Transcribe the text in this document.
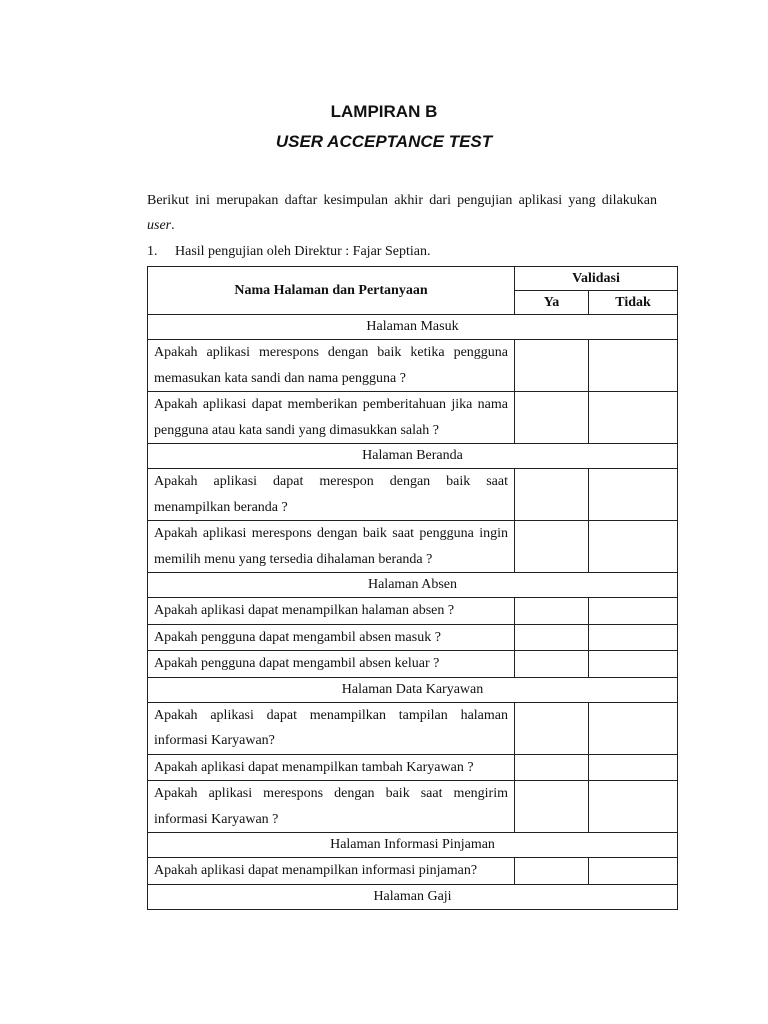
LAMPIRAN B
USER ACCEPTANCE TEST
Berikut ini merupakan daftar kesimpulan akhir dari pengujian aplikasi yang dilakukan user.
1. Hasil pengujian oleh Direktur : Fajar Septian.
Nama Halaman dan Pertanyaan	Validasi	
	Ya	Tidak
Halaman Masuk		
Apakah aplikasi merespons dengan baik ketika pengguna memasukan kata sandi dan nama pengguna ?		
Apakah aplikasi dapat memberikan pemberitahuan jika nama pengguna atau kata sandi yang dimasukkan salah ?		
Halaman Beranda		
Apakah aplikasi dapat merespon dengan baik saat menampilkan beranda ?		
Apakah aplikasi merespons dengan baik saat pengguna ingin memilih menu yang tersedia dihalaman beranda ?		
Halaman Absen		
Apakah aplikasi dapat menampilkan halaman absen ?		
Apakah pengguna dapat mengambil absen masuk ?		
Apakah pengguna dapat mengambil absen keluar ?		
Halaman Data Karyawan		
Apakah aplikasi dapat menampilkan tampilan halaman informasi Karyawan?		
Apakah aplikasi dapat menampilkan tambah Karyawan ?		
Apakah aplikasi merespons dengan baik saat mengirim informasi Karyawan ?		
Halaman Informasi Pinjaman		
Apakah aplikasi dapat menampilkan informasi pinjaman?		
Halaman Gaji		
